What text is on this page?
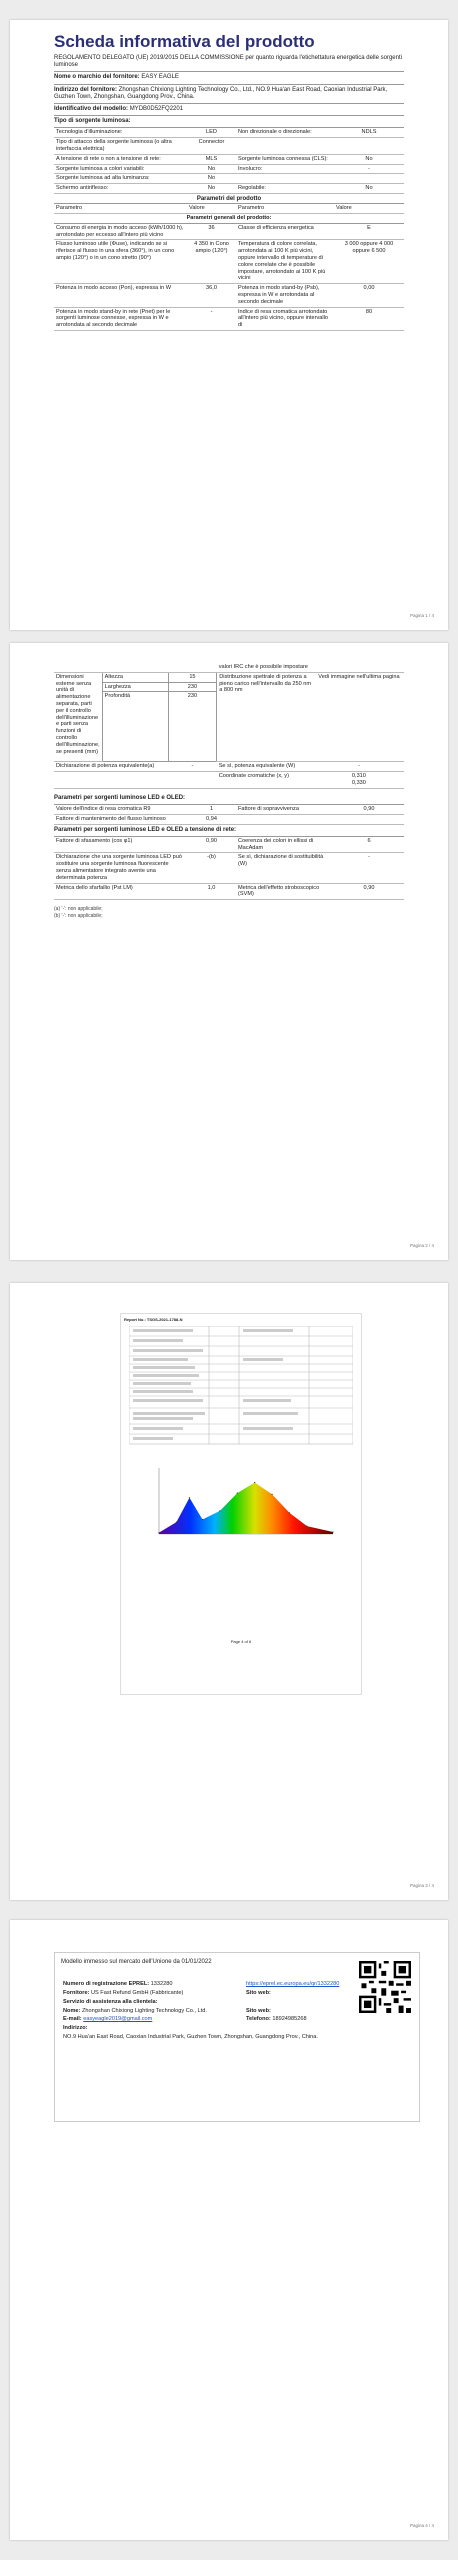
Scheda informativa del prodotto
REGOLAMENTO DELEGATO (UE) 2019/2015 DELLA COMMISSIONE per quanto riguarda l'etichettatura energetica delle sorgenti luminose
Nome o marchio del fornitore: EASY EAGLE
Indirizzo del fornitore: Zhongshan Chixiong Lighting Technology Co., Ltd., NO.9 Hua'an East Road, Caoxian Industrial Park, Guzhen Town, Zhongshan, Guangdong Prov., China.
Identificativo del modello: MYDB0D52FQ2201
Tipo di sorgente luminosa:
Tecnologia d'illuminazione:	LED	Non direzionale o direzionale:	NDLS
Tipo di attacco della sorgente luminosa (o altra interfaccia elettrica)	Connector		
A tensione di rete o non a tensione di rete:	MLS	Sorgente luminosa connessa (CLS):	No
Sorgente luminosa a colori variabili:	No	Involucro:	-
Sorgente luminosa ad alta luminanza:	No		
Schermo antiriflesso:	No	Regolabile:	No
Parametri del prodotto
Parametro	Valore	Parametro	Valore
Parametri generali del prodotto:			
Consumo di energia in modo acceso (kWh/1000 h), arrotondato per eccesso all'intero più vicino	36	Classe di efficienza energetica	E
Flusso luminoso utile (Φuse), indicando se si riferisce al flusso in una sfera (360°), in un cono ampio (120°) o in un cono stretto (90°)	4 350 in Cono ampio (120°)	Temperatura di colore correlata, arrotondata ai 100 K più vicini, oppure intervallo di temperature di colore correlate che è possibile impostare, arrotondato ai 100 K più vicini	3 000 oppure 4 000 oppure 6 500
Potenza in modo acceso (Pon), espressa in W	36,0	Potenza in modo stand-by (Psb), espressa in W e arrotondata al secondo decimale	0,00
Potenza in modo stand-by in rete (Pnet) per le sorgenti luminose connesse, espressa in W e arrotondata al secondo decimale	-	Indice di resa cromatica arrotondato all'intero più vicino, oppure intervallo di	80
Pagina 1 / 4
			valori IRC che è possibile impostare	
Dimensioni esterne senza unità di alimentazione separata, parti per il controllo dell'illuminazione e parti senza funzioni di controllo dell'illuminazione, se presenti (mm)	Altezza	15	Distribuzione spettrale di potenza a pieno carico nell'intervallo da 250 nm a 800 nm	Vedi immagine nell'ultima pagina
	Larghezza	230		
	Profondità	230		
Dichiarazione di potenza equivalente(a)		-	Se sì, potenza equivalente (W)	-
			Coordinate cromatiche (x, y)	0,310
0,330
Parametri per sorgenti luminose LED e OLED:
Valore dell'indice di resa cromatica R9	1	Fattore di sopravvivenza	0,90
Fattore di mantenimento del flusso luminoso	0,94		
Parametri per sorgenti luminose LED e OLED a tensione di rete:
Fattore di sfasamento (cos φ1)	0,90	Coerenza dei colori in ellissi di MacAdam	6
Dichiarazione che una sorgente luminosa LED può sostituire una sorgente luminosa fluorescente senza alimentatore integrato avente una determinata potenza	-(b)	Se sì, dichiarazione di sostituibilità (W)	-
Metrica dello sfarfallio (Pst LM)	1,0	Metrica dell'effetto stroboscopico (SVM)	0,90
(a) '-': non applicabile;
(b) '-': non applicabile;
Pagina 2 / 4
Report No.: TSGS-2021-1788-N
Page 4 of 6
Pagina 3 / 4
Modello immesso sul mercato dell'Unione da 01/01/2022
Numero di registrazione EPREL: 1332280	https://eprel.ec.europa.eu/qr/1332280
Fornitore: US Fast Refund GmbH (Fabbricante)	Sito web:
Servizio di assistenza alla clientela:	
Nome: Zhongshan Chixiong Lighting Technology Co., Ltd.	Sito web:
E-mail: easyeagle2019@gmail.com	Telefono: 18924985268
Indirizzo:	
NO.9 Hua'an East Road, Caoxian Industrial Park, Guzhen Town, Zhongshan, Guangdong Prov., China.	
Pagina 4 / 4
